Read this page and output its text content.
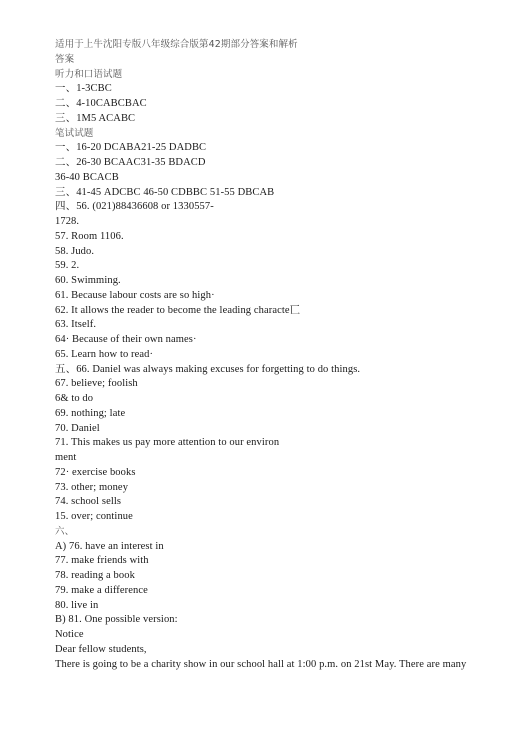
适用于上牛沈阳专版八年级综合版第42期部分答案和解析
答案
听力和口语试题
一、1-3CBC
二、4-10CABCBAC
三、1M5 ACABC
笔试试题
一、16-20 DCABA21-25 DADBC
二、26-30 BCAAC31-35 BDACD
36-40 BCACB
三、41-45 ADCBC 46-50 CDBBC 51-55 DBCAB
四、56. (021)88436608 or 1330557-
1728.
57. Room 1106.
58. Judo.
59. 2.
60. Swimming.
61. Because labour costs are so high·
62. It allows the reader to become the leading characte匸
63. Itself.
64· Because of their own names·
65. Learn how to read·
五、66. Daniel was always making excuses for forgetting to do things.
67. believe; foolish
6& to do
69. nothing; late
70. Daniel
71. This makes us pay more attention to our environ
ment
72· exercise books
73. other; money
74. school sells
15. over; continue
六、
A) 76. have an interest in
77. make friends with
78. reading a book
79. make a difference
80. live in
B) 81. One possible version:
Notice
Dear fellow students,
There is going to be a charity show in our school hall at 1:00 p.m. on 21st May. There are many
